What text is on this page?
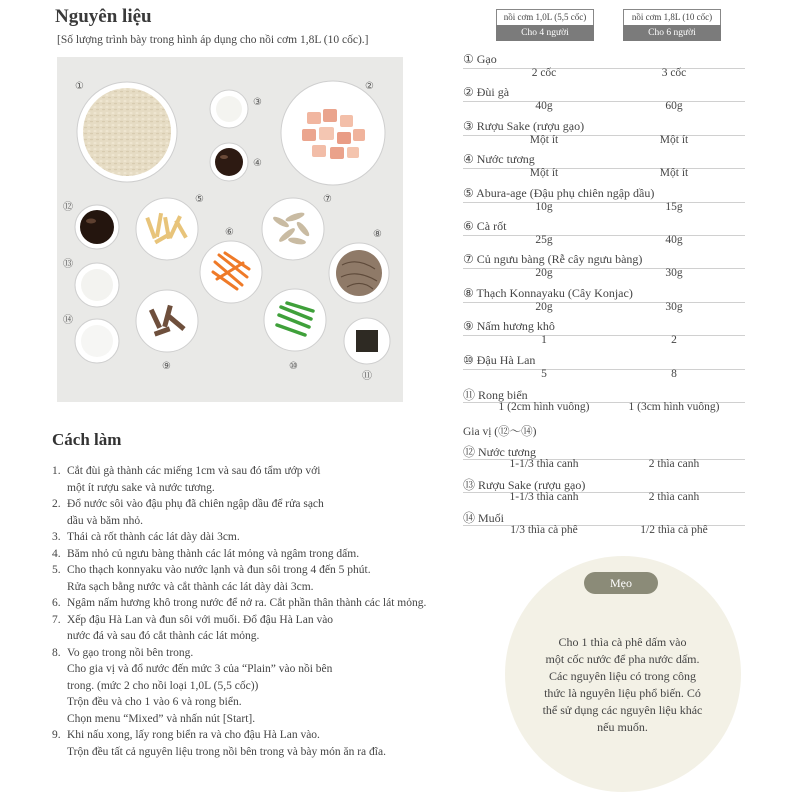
Nguyên liệu
[Số lượng trình bày trong hình áp dụng cho nồi cơm 1,8L (10 cốc).]
①	②
③
④
⑤
⑥
⑦
⑧
⑨	⑩
⑪
⑫
⑬
⑭
Cách làm
1. Cắt đùi gà thành các miếng 1cm và sau đó tẩm ướp với
một ít rượu sake và nước tương.
2. Đổ nước sôi vào đậu phụ đã chiên ngập dầu để rửa sạch
dầu và băm nhỏ.
3. Thái cà rốt thành các lát dày dài 3cm.
4. Băm nhỏ củ ngưu bàng thành các lát mỏng và ngâm trong dấm.
5. Cho thạch konnyaku vào nước lạnh và đun sôi trong 4 đến 5 phút.
Rửa sạch bằng nước và cắt thành các lát dày dài 3cm.
6. Ngâm nấm hương khô trong nước để nở ra. Cắt phần thân thành các lát mỏng.
7. Xếp đậu Hà Lan và đun sôi với muối. Đổ đậu Hà Lan vào
nước đá và sau đó cắt thành các lát mỏng.
8. Vo gạo trong nồi bên trong.
Cho gia vị và đổ nước đến mức 3 của “Plain” vào nồi bên
trong. (mức 2 cho nồi loại 1,0L (5,5 cốc))
Trộn đều và cho 1 vào 6 và rong biển.
Chọn menu “Mixed” và nhấn nút [Start].
9. Khi nấu xong, lấy rong biển ra và cho đậu Hà Lan vào.
Trộn đều tất cả nguyên liệu trong nồi bên trong và bày món ăn ra đĩa.
nồi cơm 1,0L (5,5 cốc)
Cho 4 người
nồi cơm 1,8L (10 cốc)
Cho 6 người
① Gạo
2 cốc	3 cốc
② Đùi gà
40g	60g
③ Rượu Sake (rượu gạo)
Một ít	Một ít
④ Nước tương
Một ít	Một ít
⑤ Abura-age (Đậu phụ chiên ngập dầu)
10g	15g
⑥ Cà rốt
25g	40g
⑦ Củ ngưu bàng (Rễ cây ngưu bàng)
20g	30g
⑧ Thạch Konnayaku (Cây Konjac)
20g	30g
⑨ Nấm hương khô
1	2
⑩ Đậu Hà Lan
5	8
⑪ Rong biển
1 (2cm hình vuông)	1 (3cm hình vuông)
Gia vị (⑫〜⑭)
⑫ Nước tương
1-1/3 thìa canh	2 thìa canh
⑬ Rượu Sake (rượu gạo)
1-1/3 thìa canh	2 thìa canh
⑭ Muối
1/3 thìa cà phê	1/2 thìa cà phê
Mẹo
Cho 1 thìa cà phê dấm vào
một cốc nước để pha nước dấm.
Các nguyên liệu có trong công
thức là nguyên liệu phổ biến. Có
thể sử dụng các nguyên liệu khác
nếu muốn.
